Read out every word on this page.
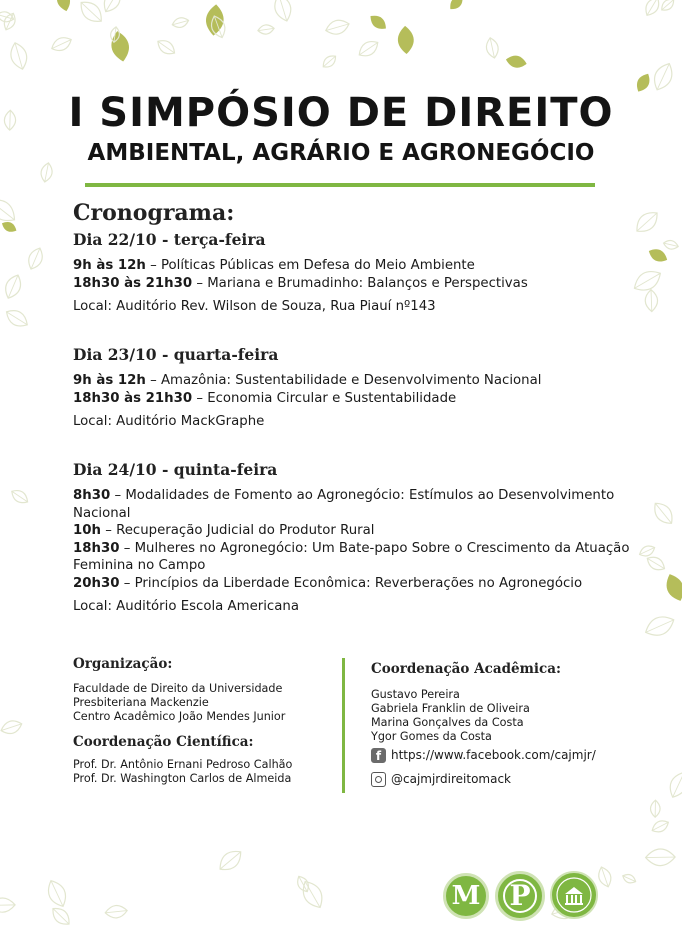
I SIMPÓSIO DE DIREITO
AMBIENTAL, AGRÁRIO E AGRONEGÓCIO
Cronograma:

Dia 22/10 - terça-feira

9h às 12h – Políticas Públicas em Defesa do Meio Ambiente

18h30 às 21h30 – Mariana e Brumadinho: Balanços e Perspectivas

Local: Auditório Rev. Wilson de Souza, Rua Piauí nº143

Dia 23/10 - quarta-feira

9h às 12h – Amazônia: Sustentabilidade e Desenvolvimento Nacional

18h30 às 21h30 – Economia Circular e Sustentabilidade

Local: Auditório MackGraphe

Dia 24/10 - quinta-feira

8h30 – Modalidades de Fomento ao Agronegócio: Estímulos ao Desenvolvimento Nacional

10h – Recuperação Judicial do Produtor Rural

18h30 – Mulheres no Agronegócio: Um Bate-papo Sobre o Crescimento da Atuação Feminina no Campo

20h30 – Princípios da Liberdade Econômica: Reverberações no Agronegócio

Local: Auditório Escola Americana

Organização:

Faculdade de Direito da Universidade

Presbiteriana Mackenzie

Centro Acadêmico João Mendes Junior

Coordenação Científica:

Prof. Dr. Antônio Ernani Pedroso Calhão

Prof. Dr. Washington Carlos de Almeida

Coordenação Acadêmica:

Gustavo Pereira

Gabriela Franklin de Oliveira

Marina Gonçalves da Costa

Ygor Gomes da Costa

f https://www.facebook.com/cajmjr/

@cajmjrdireitomack

M P
